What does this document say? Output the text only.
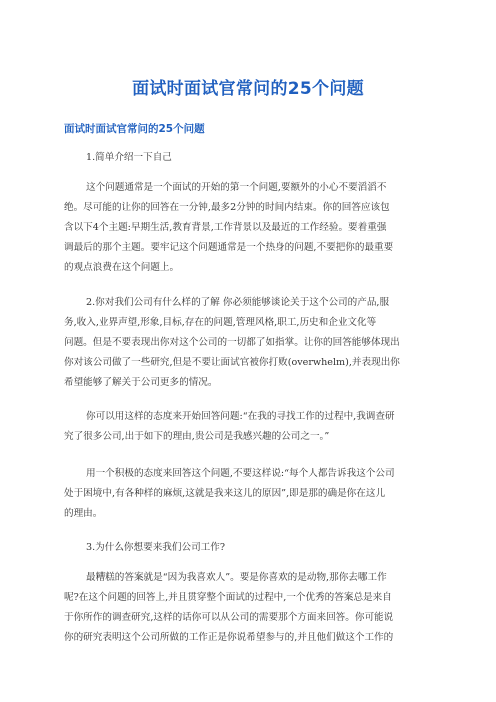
面试时面试官常问的25个问题
面试时面试官常问的25个问题
1.简单介绍一下自己
这个问题通常是一个面试的开始的第一个问题,要额外的小心不要滔滔不
绝。尽可能的让你的回答在一分钟,最多2分钟的时间内结束。你的回答应该包
含以下4个主题:早期生活,教育背景,工作背景以及最近的工作经验。要着重强
调最后的那个主题。要牢记这个问题通常是一个热身的问题,不要把你的最重要
的观点浪费在这个问题上。
2.你对我们公司有什么样的了解 你必须能够谈论关于这个公司的产品,服
务,收入,业界声望,形象,目标,存在的问题,管理风格,职工,历史和企业文化等
问题。但是不要表现出你对这个公司的一切都了如指掌。让你的回答能够体现出
你对该公司做了一些研究,但是不要让面试官被你打败(overwhelm),并表现出你
希望能够了解关于公司更多的情况。
你可以用这样的态度来开始回答问题:“在我的寻找工作的过程中,我调查研
究了很多公司,出于如下的理由,贵公司是我感兴趣的公司之一。”
用一个积极的态度来回答这个问题,不要这样说:“每个人都告诉我这个公司
处于困境中,有各种样的麻烦,这就是我来这儿的原因”,即是那的确是你在这儿
的理由。
3.为什么你想要来我们公司工作?
最糟糕的答案就是“因为我喜欢人”。要是你喜欢的是动物,那你去哪工作
呢?在这个问题的回答上,并且贯穿整个面试的过程中,一个优秀的答案总是来自
于你所作的调查研究,这样的话你可以从公司的需要那个方面来回答。你可能说
你的研究表明这个公司所做的工作正是你说希望参与的,并且他们做这个工作的
